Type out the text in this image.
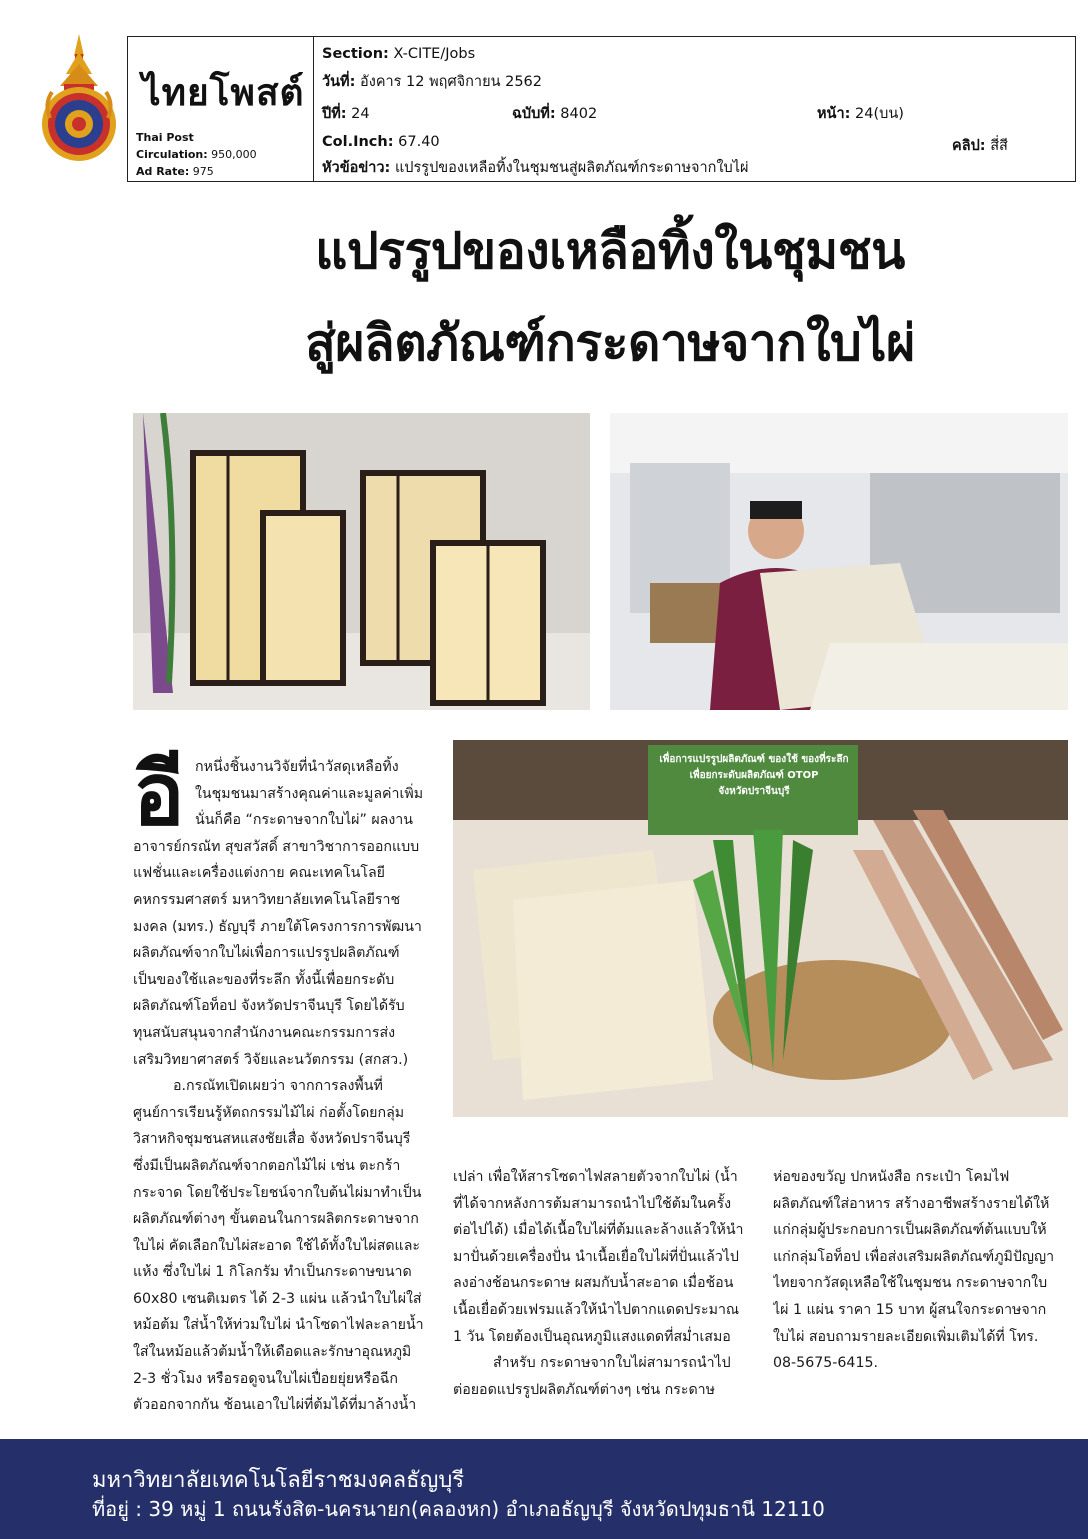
ไทยโพสต์
Thai Post
Circulation: 950,000
Ad Rate: 975
Section: X-CITE/Jobs
วันที่: อังคาร 12 พฤศจิกายน 2562
ปีที่: 24	ฉบับที่: 8402	หน้า: 24(บน)
Col.Inch: 67.40	คลิป: สี่สี
หัวข้อข่าว: แปรรูปของเหลือทิ้งในชุมชนสู่ผลิตภัณฑ์กระดาษจากใบไผ่
แปรรูปของเหลือทิ้งในชุมชน
สู่ผลิตภัณฑ์กระดาษจากใบไผ่
เพื่อการแปรรูปผลิตภัณฑ์ ของใช้ ของที่ระลึก
เพื่อยกระดับผลิตภัณฑ์ OTOP
จังหวัดปราจีนบุรี
อี กหนึ่งชิ้นงานวิจัยที่นำวัสดุเหลือทิ้ง
ในชุมชนมาสร้างคุณค่าและมูลค่าเพิ่ม
นั่นก็คือ “กระดาษจากใบไผ่” ผลงาน
อาจารย์กรณัท สุขสวัสดิ์ สาขาวิชาการออกแบบ
แฟชั่นและเครื่องแต่งกาย คณะเทคโนโลยี
คหกรรมศาสตร์ มหาวิทยาลัยเทคโนโลยีราช
มงคล (มทร.) ธัญบุรี ภายใต้โครงการการพัฒนา
ผลิตภัณฑ์จากใบไผ่เพื่อการแปรรูปผลิตภัณฑ์
เป็นของใช้และของที่ระลึก ทั้งนี้เพื่อยกระดับ
ผลิตภัณฑ์โอท็อป จังหวัดปราจีนบุรี โดยได้รับ
ทุนสนับสนุนจากสำนักงานคณะกรรมการส่ง
เสริมวิทยาศาสตร์ วิจัยและนวัตกรรม (สกสว.)
อ.กรณัทเปิดเผยว่า จากการลงพื้นที่
ศูนย์การเรียนรู้หัตถกรรมไม้ไผ่ ก่อตั้งโดยกลุ่ม
วิสาหกิจชุมชนสหแสงชัยเสื่อ จังหวัดปราจีนบุรี
ซึ่งมีเป็นผลิตภัณฑ์จากตอกไม้ไผ่ เช่น ตะกร้า
กระจาด โดยใช้ประโยชน์จากใบต้นไผ่มาทำเป็น
ผลิตภัณฑ์ต่างๆ ขั้นตอนในการผลิตกระดาษจาก
ใบไผ่ คัดเลือกใบไผ่สะอาด ใช้ได้ทั้งใบไผ่สดและ
แห้ง ซึ่งใบไผ่ 1 กิโลกรัม ทำเป็นกระดาษขนาด
60x80 เซนติเมตร ได้ 2-3 แผ่น แล้วนำใบไผ่ใส่
หม้อต้ม ใส่น้ำให้ท่วมใบไผ่ นำโซดาไฟละลายน้ำ
ใส่ในหม้อแล้วต้มน้ำให้เดือดและรักษาอุณหภูมิ
2-3 ชั่วโมง หรือรอดูจนใบไผ่เปื่อยยุ่ยหรือฉีก
ตัวออกจากกัน ช้อนเอาใบไผ่ที่ต้มได้ที่มาล้างน้ำ
เปล่า เพื่อให้สารโซดาไฟสลายตัวจากใบไผ่ (น้ำ
ที่ได้จากหลังการต้มสามารถนำไปใช้ต้มในครั้ง
ต่อไปได้) เมื่อได้เนื้อใบไผ่ที่ต้มและล้างแล้วให้นำ
มาปั่นด้วยเครื่องปั่น นำเนื้อเยื่อใบไผ่ที่ปั่นแล้วไป
ลงอ่างช้อนกระดาษ ผสมกับน้ำสะอาด เมื่อช้อน
เนื้อเยื่อด้วยเฟรมแล้วให้นำไปตากแดดประมาณ
1 วัน โดยต้องเป็นอุณหภูมิแสงแดดที่สม่ำเสมอ
สำหรับ กระดาษจากใบไผ่สามารถนำไป
ต่อยอดแปรรูปผลิตภัณฑ์ต่างๆ เช่น กระดาษ
ห่อของขวัญ ปกหนังสือ กระเป๋า โคมไฟ
ผลิตภัณฑ์ใส่อาหาร สร้างอาชีพสร้างรายได้ให้
แก่กลุ่มผู้ประกอบการเป็นผลิตภัณฑ์ต้นแบบให้
แก่กลุ่มโอท็อป เพื่อส่งเสริมผลิตภัณฑ์ภูมิปัญญา
ไทยจากวัสดุเหลือใช้ในชุมชน กระดาษจากใบ
ไผ่ 1 แผ่น ราคา 15 บาท ผู้สนใจกระดาษจาก
ใบไผ่ สอบถามรายละเอียดเพิ่มเติมได้ที่ โทร.
08-5675-6415.
มหาวิทยาลัยเทคโนโลยีราชมงคลธัญบุรี
ที่อยู่ : 39 หมู่ 1 ถนนรังสิต-นครนายก(คลองหก) อำเภอธัญบุรี จังหวัดปทุมธานี 12110
